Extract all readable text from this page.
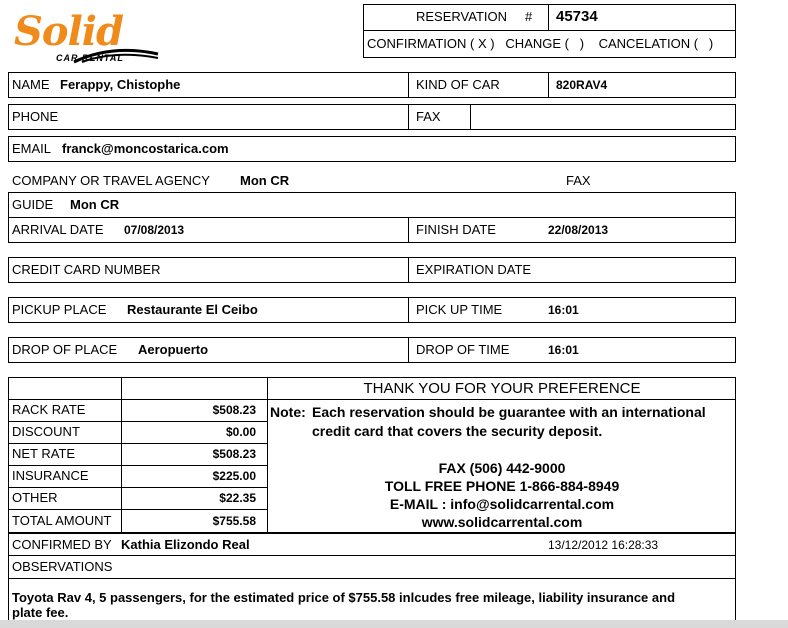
Solid
CAR RENTAL
RESERVATION # 45734
CONFIRMATION ( X )   CHANGE (   )    CANCELATION (   )
NAME Ferappy, Chistophe	KIND OF CAR	820RAV4
PHONE	FAX
EMAIL franck@moncostarica.com
COMPANY OR TRAVEL AGENCY Mon CR	FAX
GUIDE Mon CR
ARRIVAL DATE 07/08/2013	FINISH DATE	22/08/2013
CREDIT CARD NUMBER	EXPIRATION DATE
PICKUP PLACE Restaurante El Ceibo	PICK UP TIME	16:01
DROP OF PLACE Aeropuerto	DROP OF TIME	16:01
RACK RATE	$508.23
DISCOUNT	$0.00
NET RATE	$508.23
INSURANCE	$225.00
OTHER	$22.35
TOTAL AMOUNT	$755.58
THANK YOU FOR YOUR PREFERENCE
Note: Each reservation should be guarantee with an international
credit card that covers the security deposit.
FAX (506) 442-9000
TOLL FREE PHONE 1-866-884-8949
E-MAIL : info@solidcarrental.com
www.solidcarrental.com
CONFIRMED BY Kathia Elizondo Real	13/12/2012 16:28:33
OBSERVATIONS
Toyota Rav 4, 5 passengers, for the estimated price of $755.58 inlcudes free mileage, liability insurance and
plate fee.
